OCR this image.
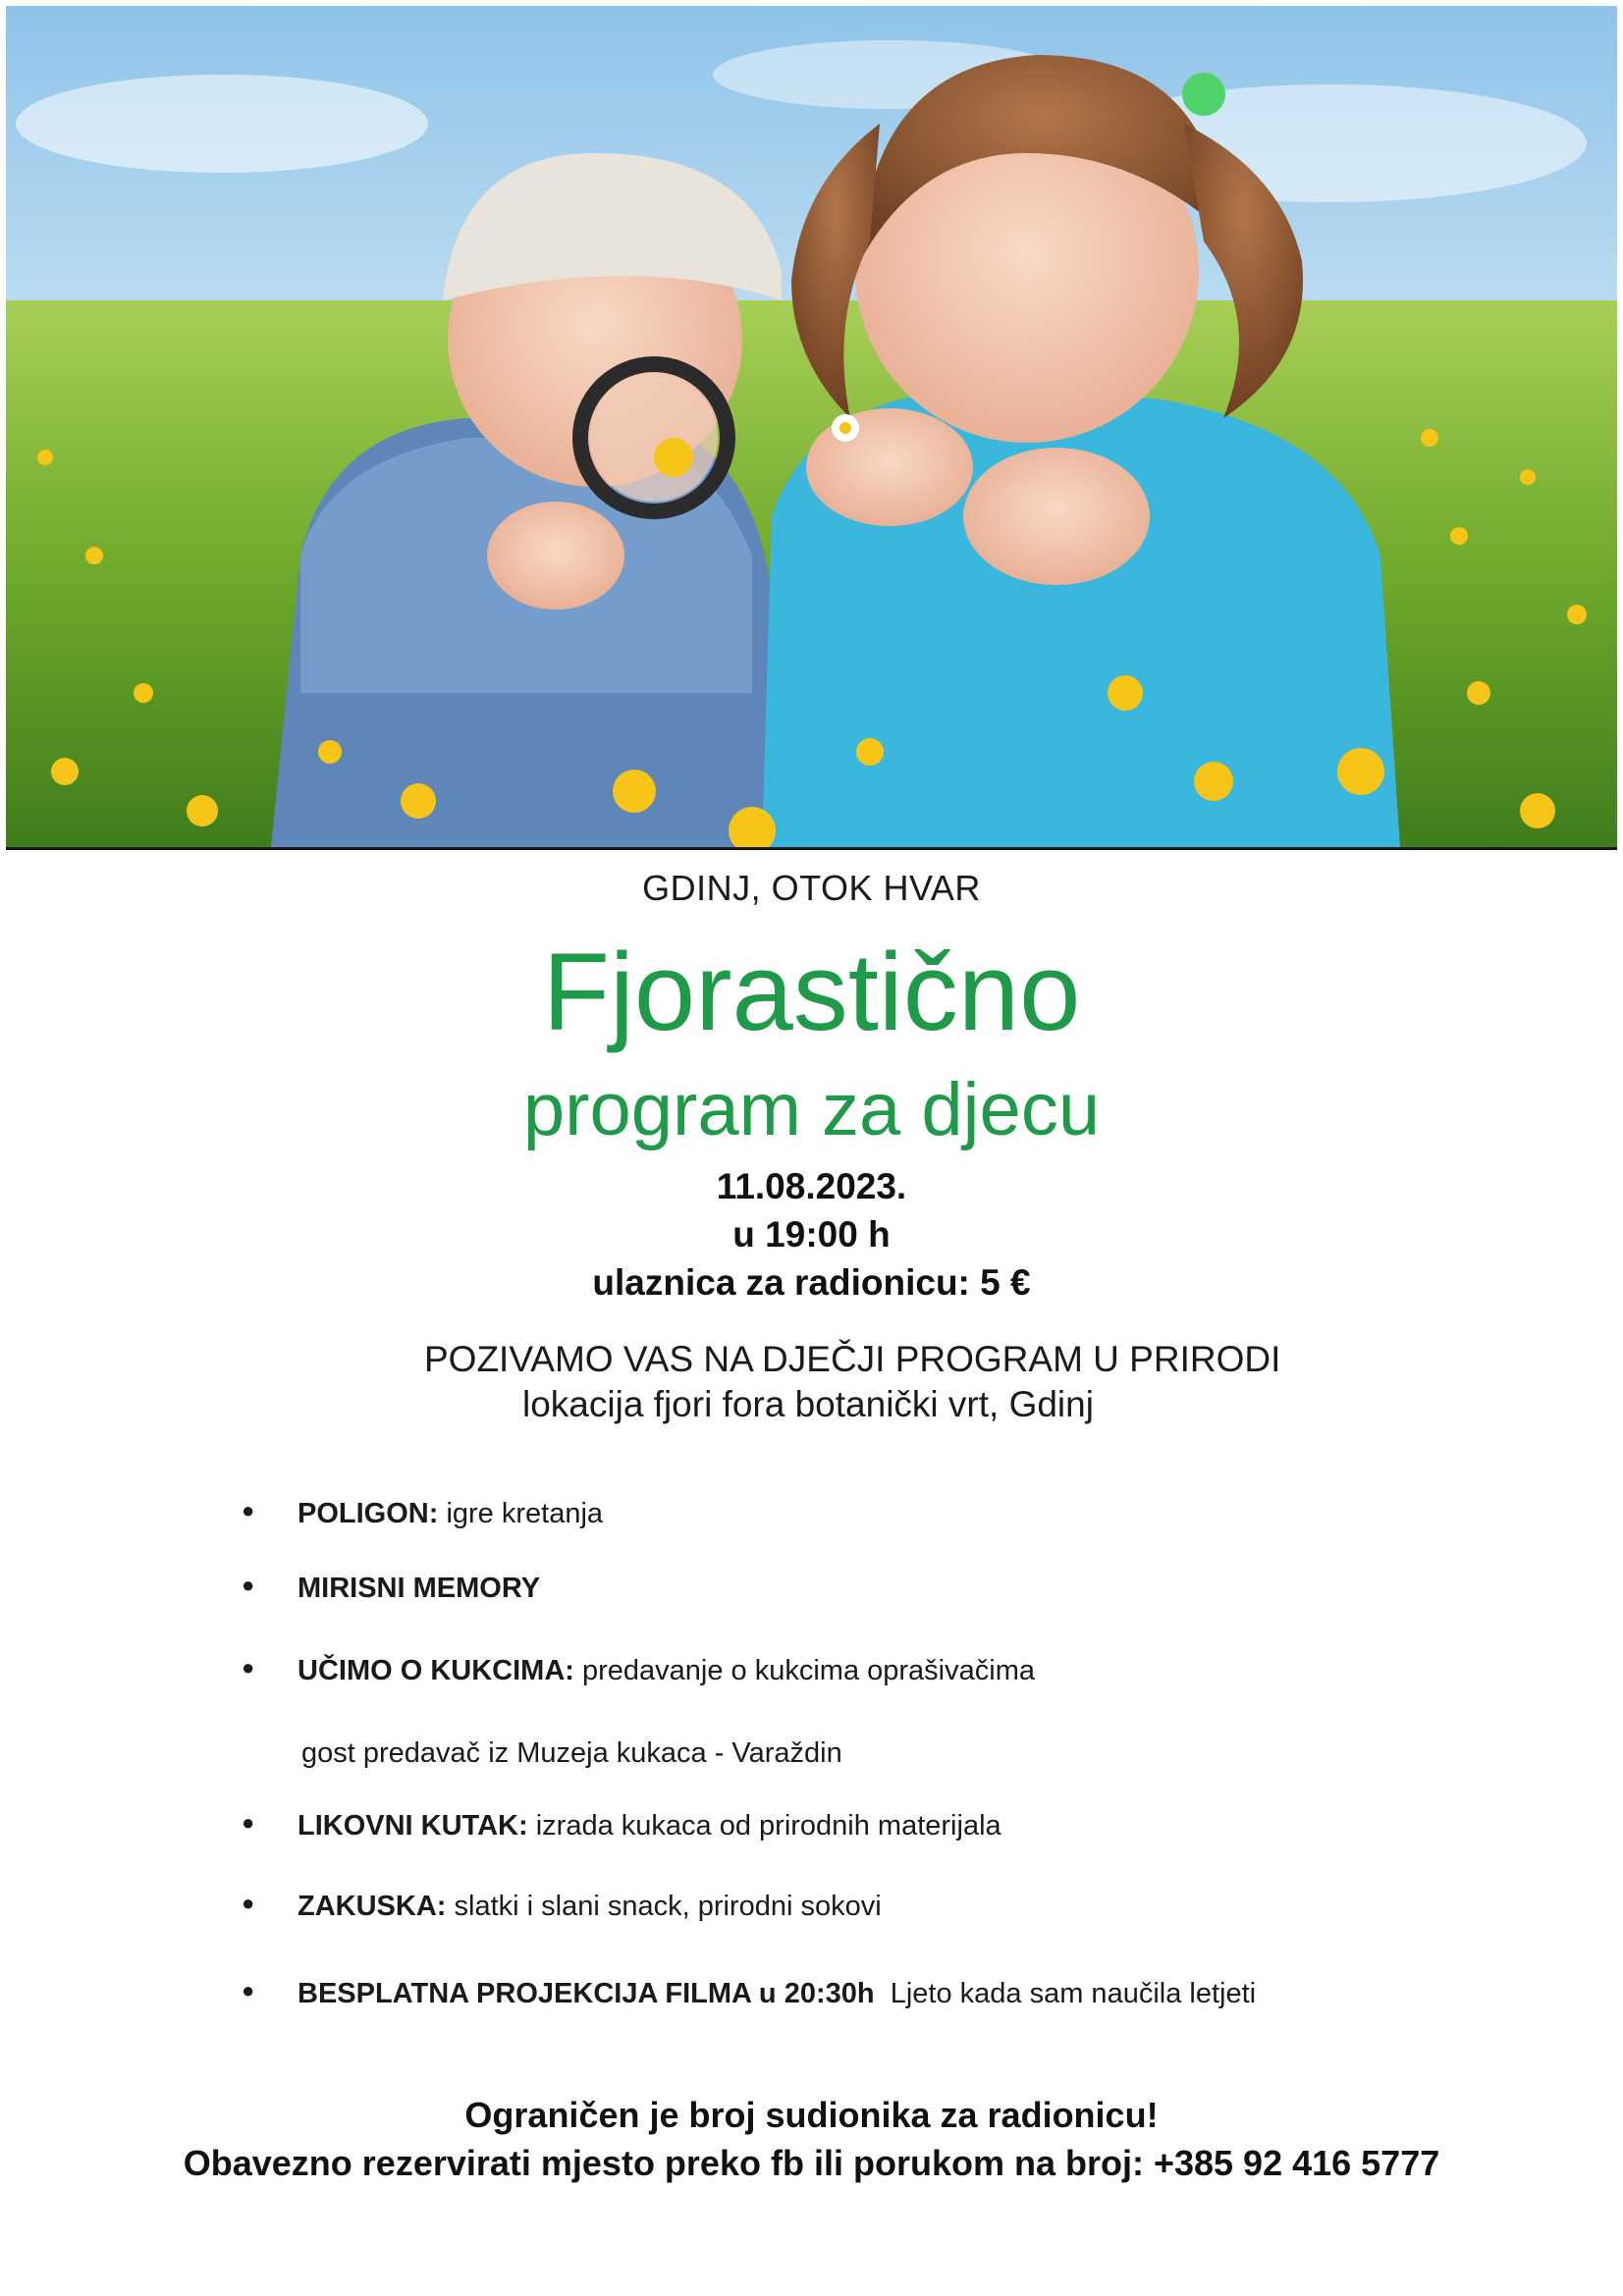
GDINJ, OTOK HVAR
Fjorastično
program za djecu
11.08.2023.
u 19:00 h
ulaznica za radionicu: 5 €
POZIVAMO VAS NA DJEČJI PROGRAM U PRIRODI
lokacija fjori fora botanički vrt, Gdinj
● POLIGON: igre kretanja
● MIRISNI MEMORY
● UČIMO O KUKCIMA: predavanje o kukcima oprašivačima
gost predavač iz Muzeja kukaca - Varaždin
● LIKOVNI KUTAK: izrada kukaca od prirodnih materijala
● ZAKUSKA: slatki i slani snack, prirodni sokovi
● BESPLATNA PROJEKCIJA FILMA u 20:30h  Ljeto kada sam naučila letjeti
Ograničen je broj sudionika za radionicu!
Obavezno rezervirati mjesto preko fb ili porukom na broj: +385 92 416 5777
